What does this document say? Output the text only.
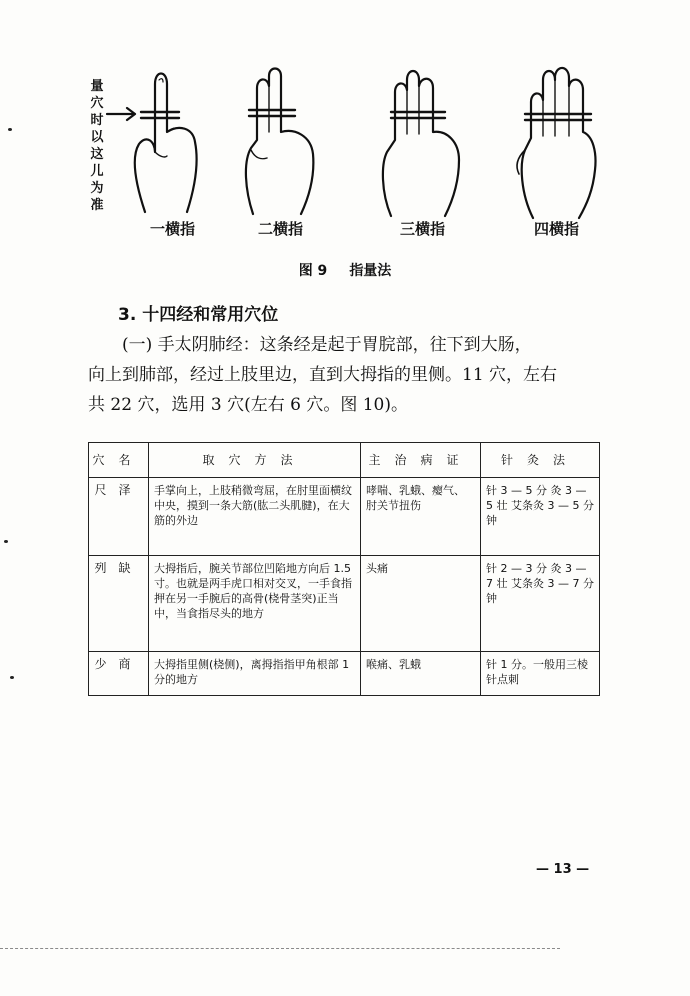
量穴时以这儿为准
一横指	二横指	三横指	四横指
图 9 指量法
3. 十四经和常用穴位

(一) 手太阴肺经：这条经是起于胃脘部，往下到大肠，

向上到肺部，经过上肢里边，直到大拇指的里侧。11 穴，左右

共 22 穴，选用 3 穴(左右 6 穴。图 10)。

穴名	取穴方法	主治病证	针灸法
尺泽	手掌向上，上肢稍微弯屈，在肘里面横纹中央，摸到一条大筋(肱二头肌腱)，在大筋的外边	哮喘、乳蛾、瘿气、肘关节扭伤	针 3 — 5 分 灸 3 — 5 壮 艾条灸 3 — 5 分钟
列缺	大拇指后，腕关节部位凹陷地方向后 1.5 寸。也就是两手虎口相对交叉，一手食指押在另一手腕后的高骨(桡骨茎突)正当中，当食指尽头的地方	头痛	针 2 — 3 分 灸 3 — 7 壮 艾条灸 3 — 7 分钟
少商	大拇指里侧(桡侧)，离拇指指甲角根部 1 分的地方	喉痛、乳蛾	针 1 分。一般用三棱针点刺
— 13 —
